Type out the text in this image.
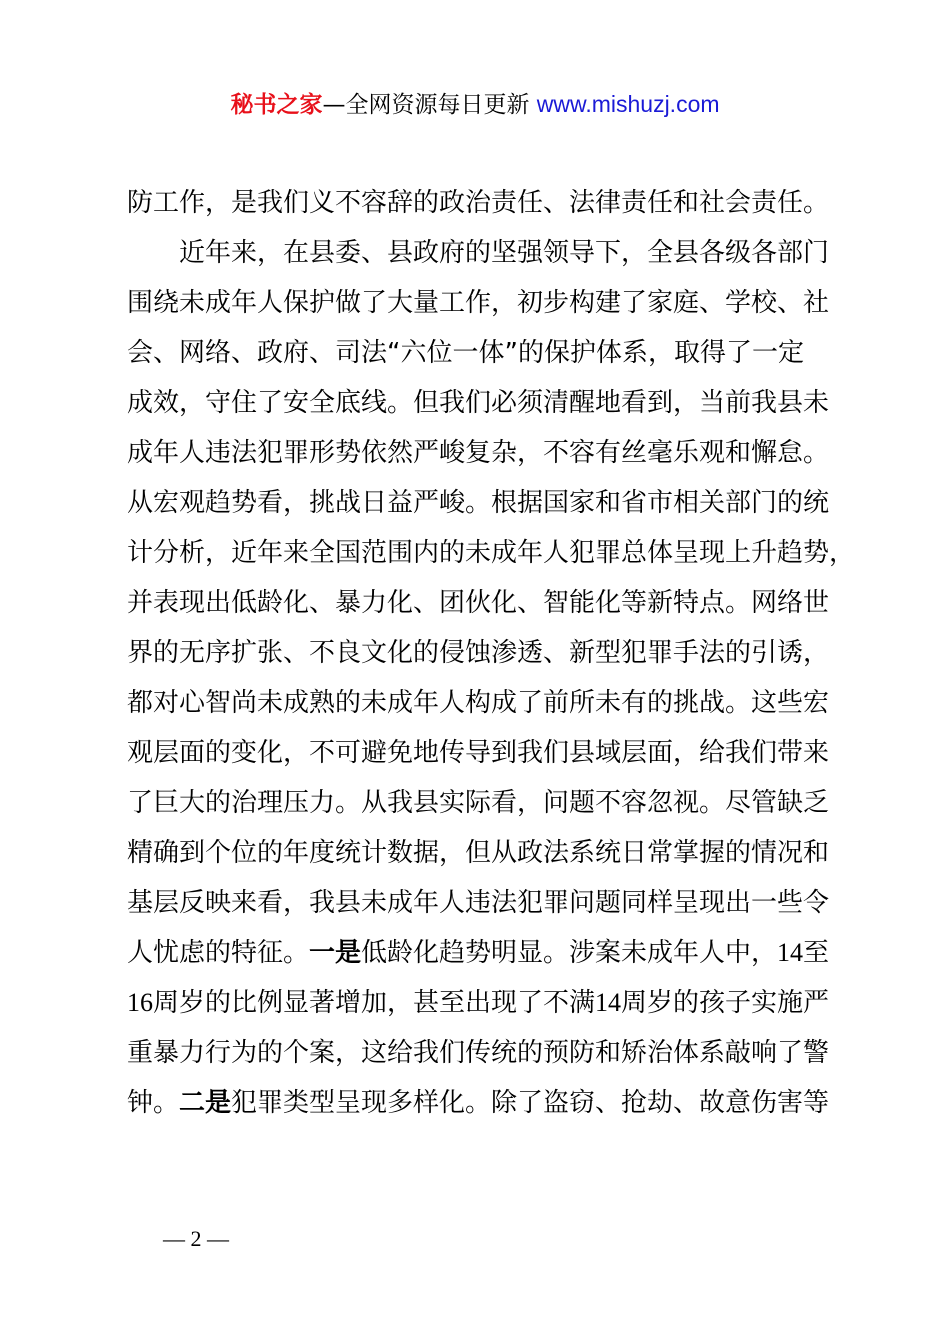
秘书之家—全网资源每日更新 www.mishuzj.com
防工作，是我们义不容辞的政治责任、法律责任和社会责任。
近年来，在县委、县政府的坚强领导下，全县各级各部门
围绕未成年人保护做了大量工作，初步构建了家庭、学校、社
会、网络、政府、司法“六位一体”的保护体系，取得了一定
成效，守住了安全底线。但我们必须清醒地看到，当前我县未
成年人违法犯罪形势依然严峻复杂，不容有丝毫乐观和懈怠。
从宏观趋势看，挑战日益严峻。根据国家和省市相关部门的统
计分析，近年来全国范围内的未成年人犯罪总体呈现上升趋势，
并表现出低龄化、暴力化、团伙化、智能化等新特点。网络世
界的无序扩张、不良文化的侵蚀渗透、新型犯罪手法的引诱，
都对心智尚未成熟的未成年人构成了前所未有的挑战。这些宏
观层面的变化，不可避免地传导到我们县域层面，给我们带来
了巨大的治理压力。从我县实际看，问题不容忽视。尽管缺乏
精确到个位的年度统计数据，但从政法系统日常掌握的情况和
基层反映来看，我县未成年人违法犯罪问题同样呈现出一些令
人忧虑的特征。一是低龄化趋势明显。涉案未成年人中，14至
16周岁的比例显著增加，甚至出现了不满14周岁的孩子实施严
重暴力行为的个案，这给我们传统的预防和矫治体系敲响了警
钟。二是犯罪类型呈现多样化。除了盗窃、抢劫、故意伤害等
— 2 —
